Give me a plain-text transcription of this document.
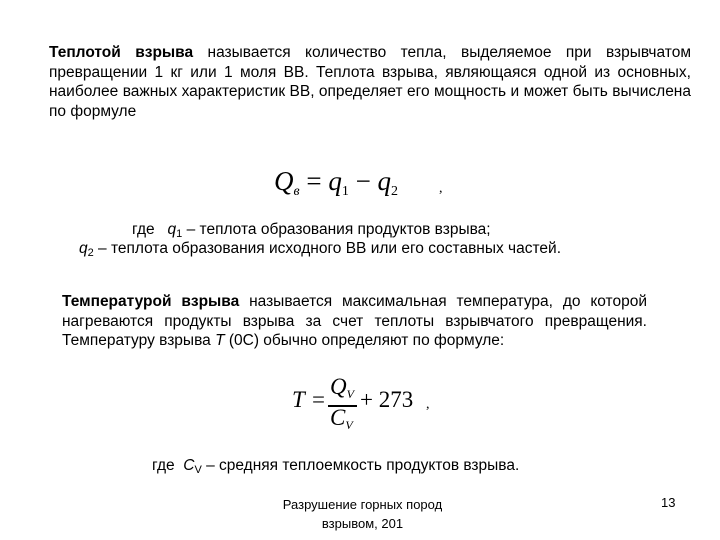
Теплотой взрыва называется количество тепла, выделяемое при взрывчатом превращении 1 кг или 1 моля ВВ. Теплота взрыва, являющаяся одной из основных, наиболее важных характеристик ВВ, определяет его мощность и может быть вычислена по формуле
$Q_в = q_1 - q_2$	,
где   $q_1$ – теплота образования продуктов взрыва;
$q_2$ – теплота образования исходного ВВ или его составных частей.
Температурой взрыва называется максимальная температура, до которой нагреваются продукты взрыва за счет теплоты взрывчатого превращения. Температуру взрыва Т (0С) обычно определяют по формуле:
T =
$Q_V$
$C_V$
+ 273 ,
где  $С_V$ – средняя теплоемкость продуктов взрыва.
Разрушение горных пород
взрывом, 201
13
